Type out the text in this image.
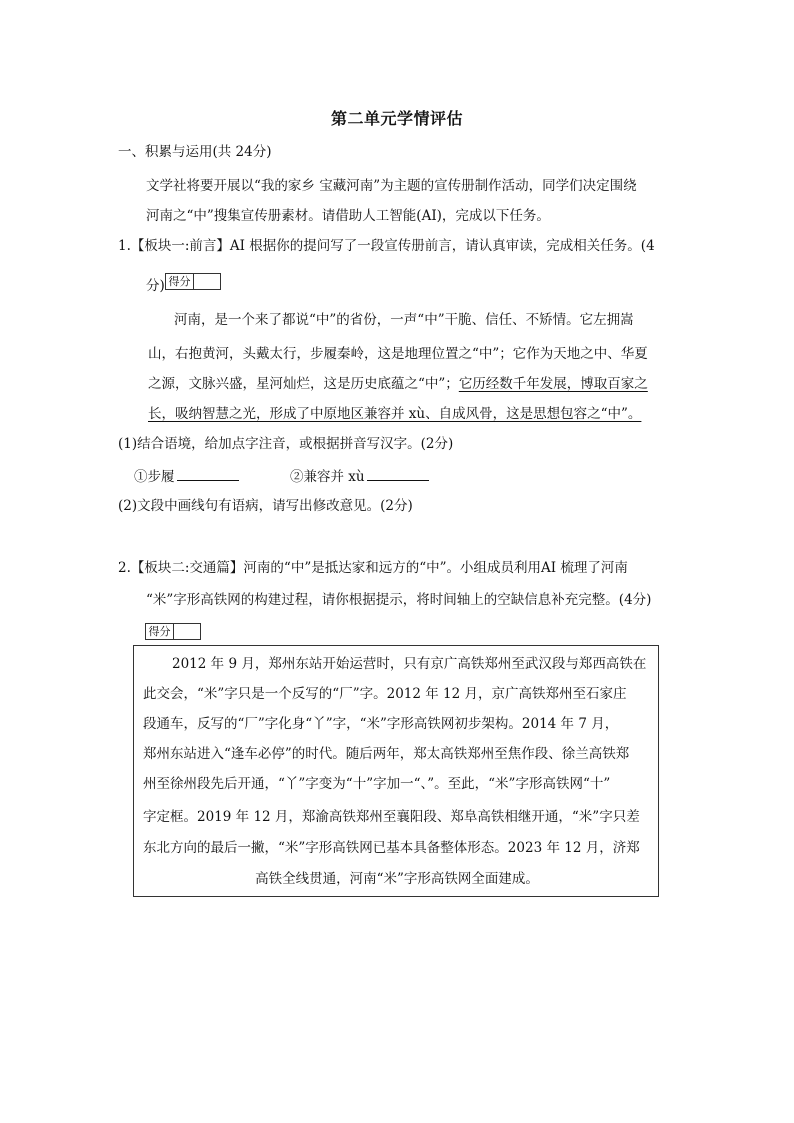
第二单元学情评估
一、积累与运用(共 24分)
文学社将要开展以“我的家乡 宝藏河南”为主题的宣传册制作活动，同学们决定围绕
河南之“中”搜集宣传册素材。请借助人工智能(AI)，完成以下任务。
1.【板块一:前言】AI 根据你的提问写了一段宣传册前言，请认真审读，完成相关任务。(4
分) 得分
河南，是一个来了都说“中”的省份，一声“中”干脆、信任、不矫情。它左拥嵩
山，右抱黄河，头戴太行，步履秦岭，这是地理位置之“中”；它作为天地之中、华夏
之源，文脉兴盛，星河灿烂，这是历史底蕴之“中”；它历经数千年发展，博取百家之
长，吸纳智慧之光，形成了中原地区兼容并 xù、自成风骨，这是思想包容之“中”。
(1)结合语境，给加点字注音，或根据拼音写汉字。(2分)
①步履	②兼容并 xù
(2)文段中画线句有语病，请写出修改意见。(2分)
2.【板块二:交通篇】河南的“中”是抵达家和远方的“中”。小组成员利用AI 梳理了河南
“米”字形高铁网的构建过程，请你根据提示，将时间轴上的空缺信息补充完整。(4分)
得分
2012 年 9 月，郑州东站开始运营时，只有京广高铁郑州至武汉段与郑西高铁在
此交会，“米”字只是一个反写的“厂”字。2012 年 12 月，京广高铁郑州至石家庄
段通车，反写的“厂”字化身“丫”字，“米”字形高铁网初步架构。2014 年 7 月，
郑州东站进入“逢车必停”的时代。随后两年，郑太高铁郑州至焦作段、徐兰高铁郑
州至徐州段先后开通，“丫”字变为“十”字加一“、”。至此，“米”字形高铁网“十”
字定框。2019 年 12 月，郑渝高铁郑州至襄阳段、郑阜高铁相继开通，“米”字只差
东北方向的最后一撇，“米”字形高铁网已基本具备整体形态。2023 年 12 月，济郑
高铁全线贯通，河南“米”字形高铁网全面建成。
